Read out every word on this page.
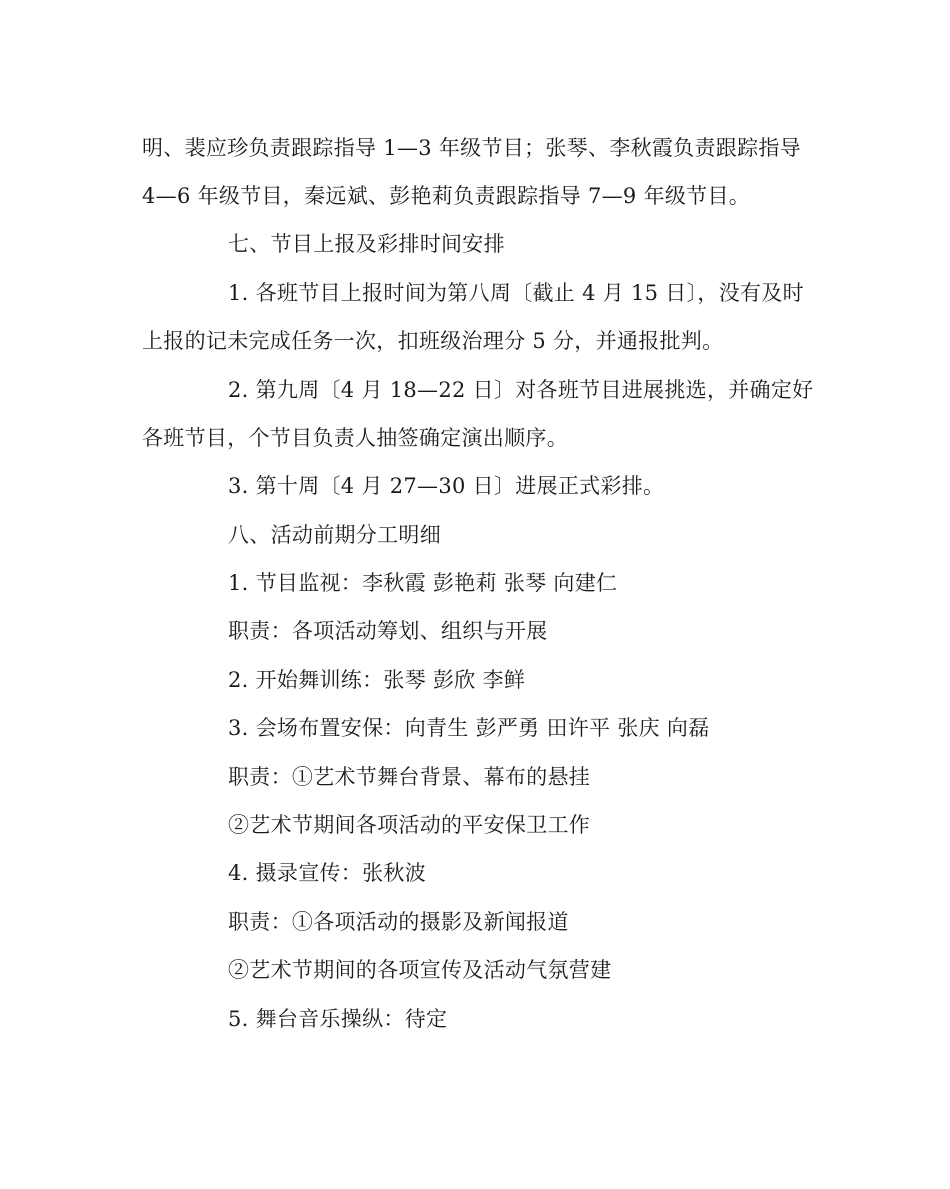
明、裴应珍负责跟踪指导 1—3 年级节目；张琴、李秋霞负责跟踪指导
4—6 年级节目，秦远斌、彭艳莉负责跟踪指导 7—9 年级节目。
七、节目上报及彩排时间安排
1. 各班节目上报时间为第八周〔截止 4 月 15 日〕，没有及时
上报的记未完成任务一次，扣班级治理分 5 分，并通报批判。
2. 第九周〔4 月 18—22 日〕对各班节目进展挑选，并确定好
各班节目，个节目负责人抽签确定演出顺序。
3. 第十周〔4 月 27—30 日〕进展正式彩排。
八、活动前期分工明细
1. 节目监视：李秋霞 彭艳莉 张琴 向建仁
职责：各项活动筹划、组织与开展
2. 开始舞训练：张琴 彭欣 李鲜
3. 会场布置安保：向青生 彭严勇 田许平 张庆 向磊
职责：①艺术节舞台背景、幕布的悬挂
②艺术节期间各项活动的平安保卫工作
4. 摄录宣传：张秋波
职责：①各项活动的摄影及新闻报道
②艺术节期间的各项宣传及活动气氛营建
5. 舞台音乐操纵：待定
